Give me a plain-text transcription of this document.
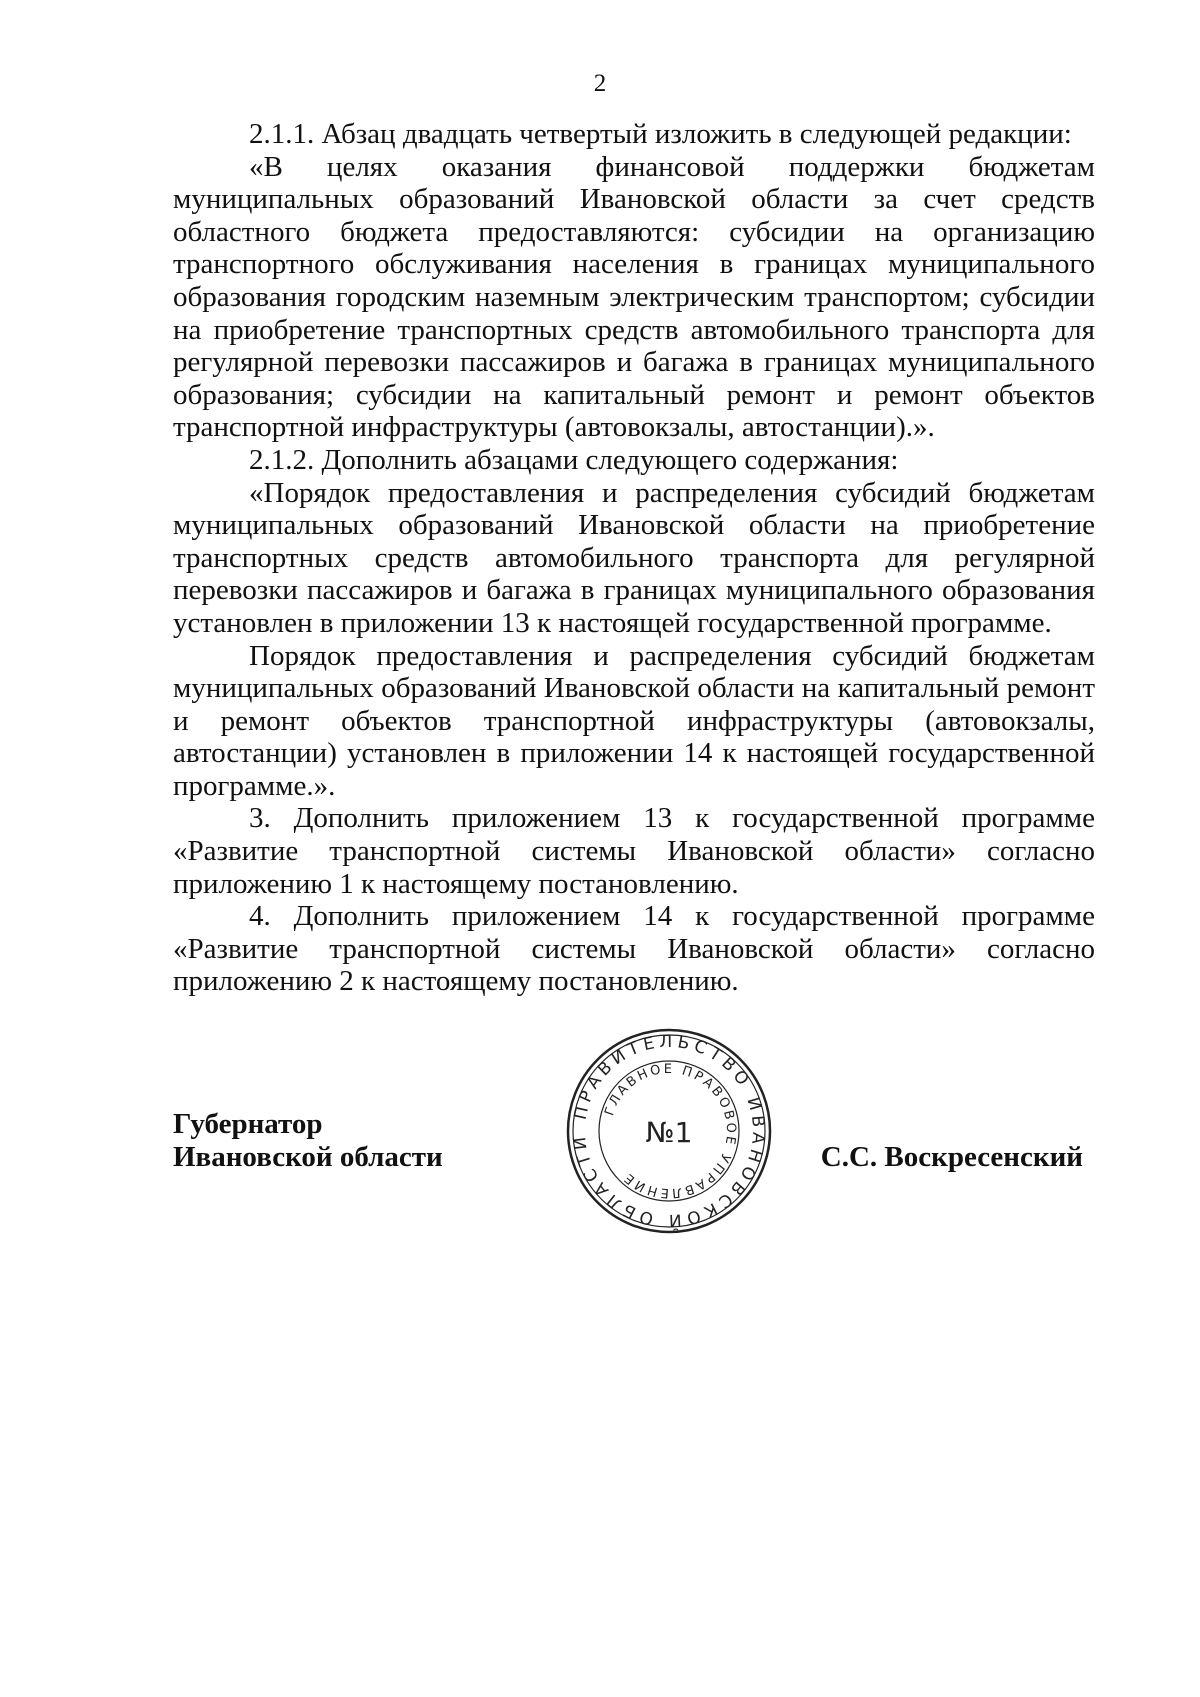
2

2.1.1. Абзац двадцать четвертый изложить в следующей редакции:

«В целях оказания финансовой поддержки бюджетам муниципальных образований Ивановской области за счет средств областного бюджета предоставляются: субсидии на организацию транспортного обслуживания населения в границах муниципального образования городским наземным электрическим транспортом; субсидии на приобретение транспортных средств автомобильного транспорта для регулярной перевозки пассажиров и багажа в границах муниципального образования; субсидии на капитальный ремонт и ремонт объектов транспортной инфраструктуры (автовокзалы, автостанции).».

2.1.2. Дополнить абзацами следующего содержания:

«Порядок предоставления и распределения субсидий бюджетам муниципальных образований Ивановской области на приобретение транспортных средств автомобильного транспорта для регулярной перевозки пассажиров и багажа в границах муниципального образования установлен в приложении 13 к настоящей государственной программе.

Порядок предоставления и распределения субсидий бюджетам муниципальных образований Ивановской области на капитальный ремонт и ремонт объектов транспортной инфраструктуры (автовокзалы, автостанции) установлен в приложении 14 к настоящей государственной программе.».

3. Дополнить приложением 13 к государственной программе «Развитие транспортной системы Ивановской области» согласно приложению 1 к настоящему постановлению.

4. Дополнить приложением 14 к государственной программе «Развитие транспортной системы Ивановской области» согласно приложению 2 к настоящему постановлению.

Губернатор
Ивановской области
ПРАВИТЕЛЬСТВО ИВАНОВСКОЙ ОБЛАСТИ
ГЛАВНОЕ ПРАВОВОЕ УПРАВЛЕНИЕ
№1
С.С. Воскресенский
